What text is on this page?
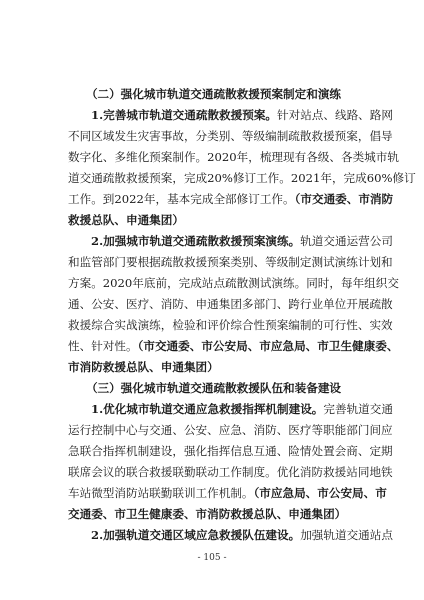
（二）强化城市轨道交通疏散救援预案制定和演练
1.完善城市轨道交通疏散救援预案。针对站点、线路、路网
不同区域发生灾害事故，分类别、等级编制疏散救援预案，倡导
数字化、多维化预案制作。2020年，梳理现有各级、各类城市轨
道交通疏散救援预案，完成20%修订工作。2021年，完成60%修订
工作。到2022年，基本完成全部修订工作。（市交通委、市消防
救援总队、申通集团）
2.加强城市轨道交通疏散救援预案演练。轨道交通运营公司
和监管部门要根据疏散救援预案类别、等级制定测试演练计划和
方案。2020年底前，完成站点疏散测试演练。同时，每年组织交
通、公安、医疗、消防、申通集团多部门、跨行业单位开展疏散
救援综合实战演练，检验和评价综合性预案编制的可行性、实效
性、针对性。（市交通委、市公安局、市应急局、市卫生健康委、
市消防救援总队、申通集团）
（三）强化城市轨道交通疏散救援队伍和装备建设
1.优化城市轨道交通应急救援指挥机制建设。完善轨道交通
运行控制中心与交通、公安、应急、消防、医疗等职能部门间应
急联合指挥机制建设，强化指挥信息互通、险情处置会商、定期
联席会议的联合救援联勤联动工作制度。优化消防救援站同地铁
车站微型消防站联勤联训工作机制。（市应急局、市公安局、市
交通委、市卫生健康委、市消防救援总队、申通集团）
2.加强轨道交通区域应急救援队伍建设。加强轨道交通站点
- 105 -
